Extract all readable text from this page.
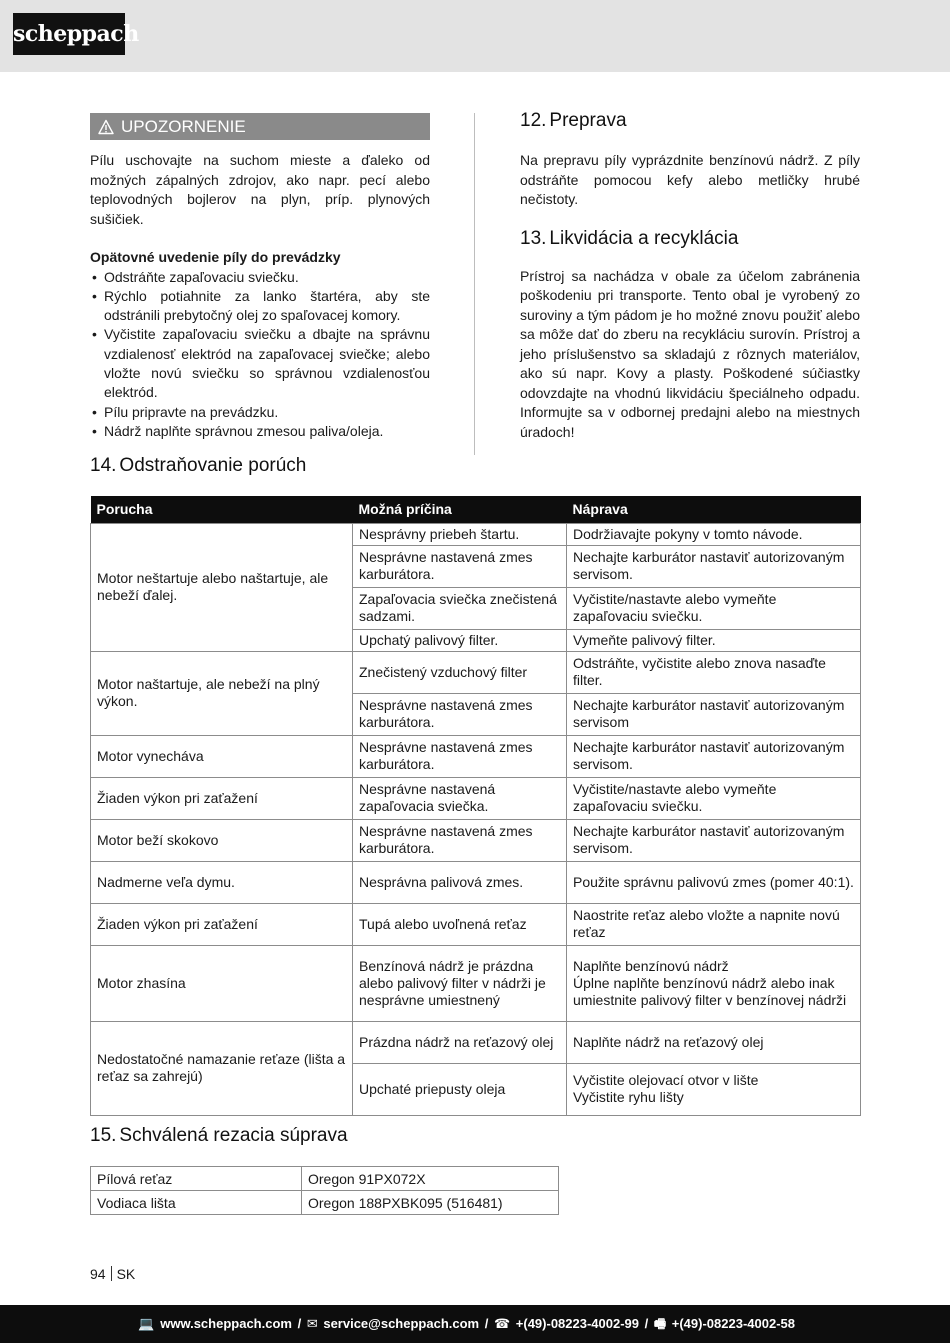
scheppach
UPOZORNENIE

Pílu uschovajte na suchom mieste a ďaleko od možných zápalných zdrojov, ako napr. pecí alebo teplovodných bojlerov na plyn, príp. plynových sušičiek.

Opätovné uvedenie píly do prevádzky

• Odstráňte zapaľovaciu sviečku.
• Rýchlo potiahnite za lanko štartéra, aby ste odstránili prebytočný olej zo spaľovacej komory.
• Vyčistite zapaľovaciu sviečku a dbajte na správnu vzdialenosť elektród na zapaľovacej sviečke; alebo vložte novú sviečku so správnou vzdialenosťou elektród.
• Pílu pripravte na prevádzku.
• Nádrž naplňte správnou zmesou paliva/oleja.
12. Preprava

Na prepravu píly vyprázdnite benzínovú nádrž. Z píly odstráňte pomocou kefy alebo metličky hrubé nečistoty.

13. Likvidácia a recyklácia

Prístroj sa nachádza v obale za účelom zabránenia poškodeniu pri transporte. Tento obal je vyrobený zo suroviny a tým pádom je ho možné znovu použiť alebo sa môže dať do zberu na recykláciu surovín. Prístroj a jeho príslušenstvo sa skladajú z rôznych materiálov, ako sú napr. Kovy a plasty. Poškodené súčiastky odovzdajte na vhodnú likvidáciu špeciálneho odpadu. Informujte sa v odbornej predajni alebo na miestnych úradoch!

14. Odstraňovanie porúch
Porucha	Možná príčina	Náprava
Motor neštartuje alebo naštartuje, ale nebeží ďalej.	Nesprávny priebeh štartu.	Dodržiavajte pokyny v tomto návode.
	Nesprávne nastavená zmes karburátora.	Nechajte karburátor nastaviť autorizovaným servisom.
	Zapaľovacia sviečka znečistená sadzami.	Vyčistite/nastavte alebo vymeňte zapaľovaciu sviečku.
	Upchatý palivový filter.	Vymeňte palivový filter.
Motor naštartuje, ale nebeží na plný výkon.	Znečistený vzduchový filter	Odstráňte, vyčistite alebo znova nasaďte filter.
	Nesprávne nastavená zmes karburátora.	Nechajte karburátor nastaviť autorizovaným servisom
Motor vynecháva	Nesprávne nastavená zmes karburátora.	Nechajte karburátor nastaviť autorizovaným servisom.
Žiaden výkon pri zaťažení	Nesprávne nastavená zapaľovacia sviečka.	Vyčistite/nastavte alebo vymeňte zapaľovaciu sviečku.
Motor beží skokovo	Nesprávne nastavená zmes karburátora.	Nechajte karburátor nastaviť autorizovaným servisom.
Nadmerne veľa dymu.	Nesprávna palivová zmes.	Použite správnu palivovú zmes (pomer 40:1).
Žiaden výkon pri zaťažení	Tupá alebo uvoľnená reťaz	Naostrite reťaz alebo vložte a napnite novú reťaz
Motor zhasína	Benzínová nádrž je prázdna alebo palivový filter v nádrži je nesprávne umiestnený	Naplňte benzínovú nádrž
Úplne naplňte benzínovú nádrž alebo inak umiestnite palivový filter v benzínovej nádrži
Nedostatočné namazanie reťaze (lišta a reťaz sa zahrejú)	Prázdna nádrž na reťazový olej	Naplňte nádrž na reťazový olej
	Upchaté priepusty oleja	Vyčistite olejovací otvor v lište
Vyčistite ryhu lišty
15. Schválená rezacia súprava
Pílová reťaz	Oregon 91PX072X
Vodiaca lišta	Oregon 188PXBK095 (516481)
94 SK
💻 www.scheppach.com / ✉ service@scheppach.com / ☎ +(49)-08223-4002-99 / 🖷 +(49)-08223-4002-58
